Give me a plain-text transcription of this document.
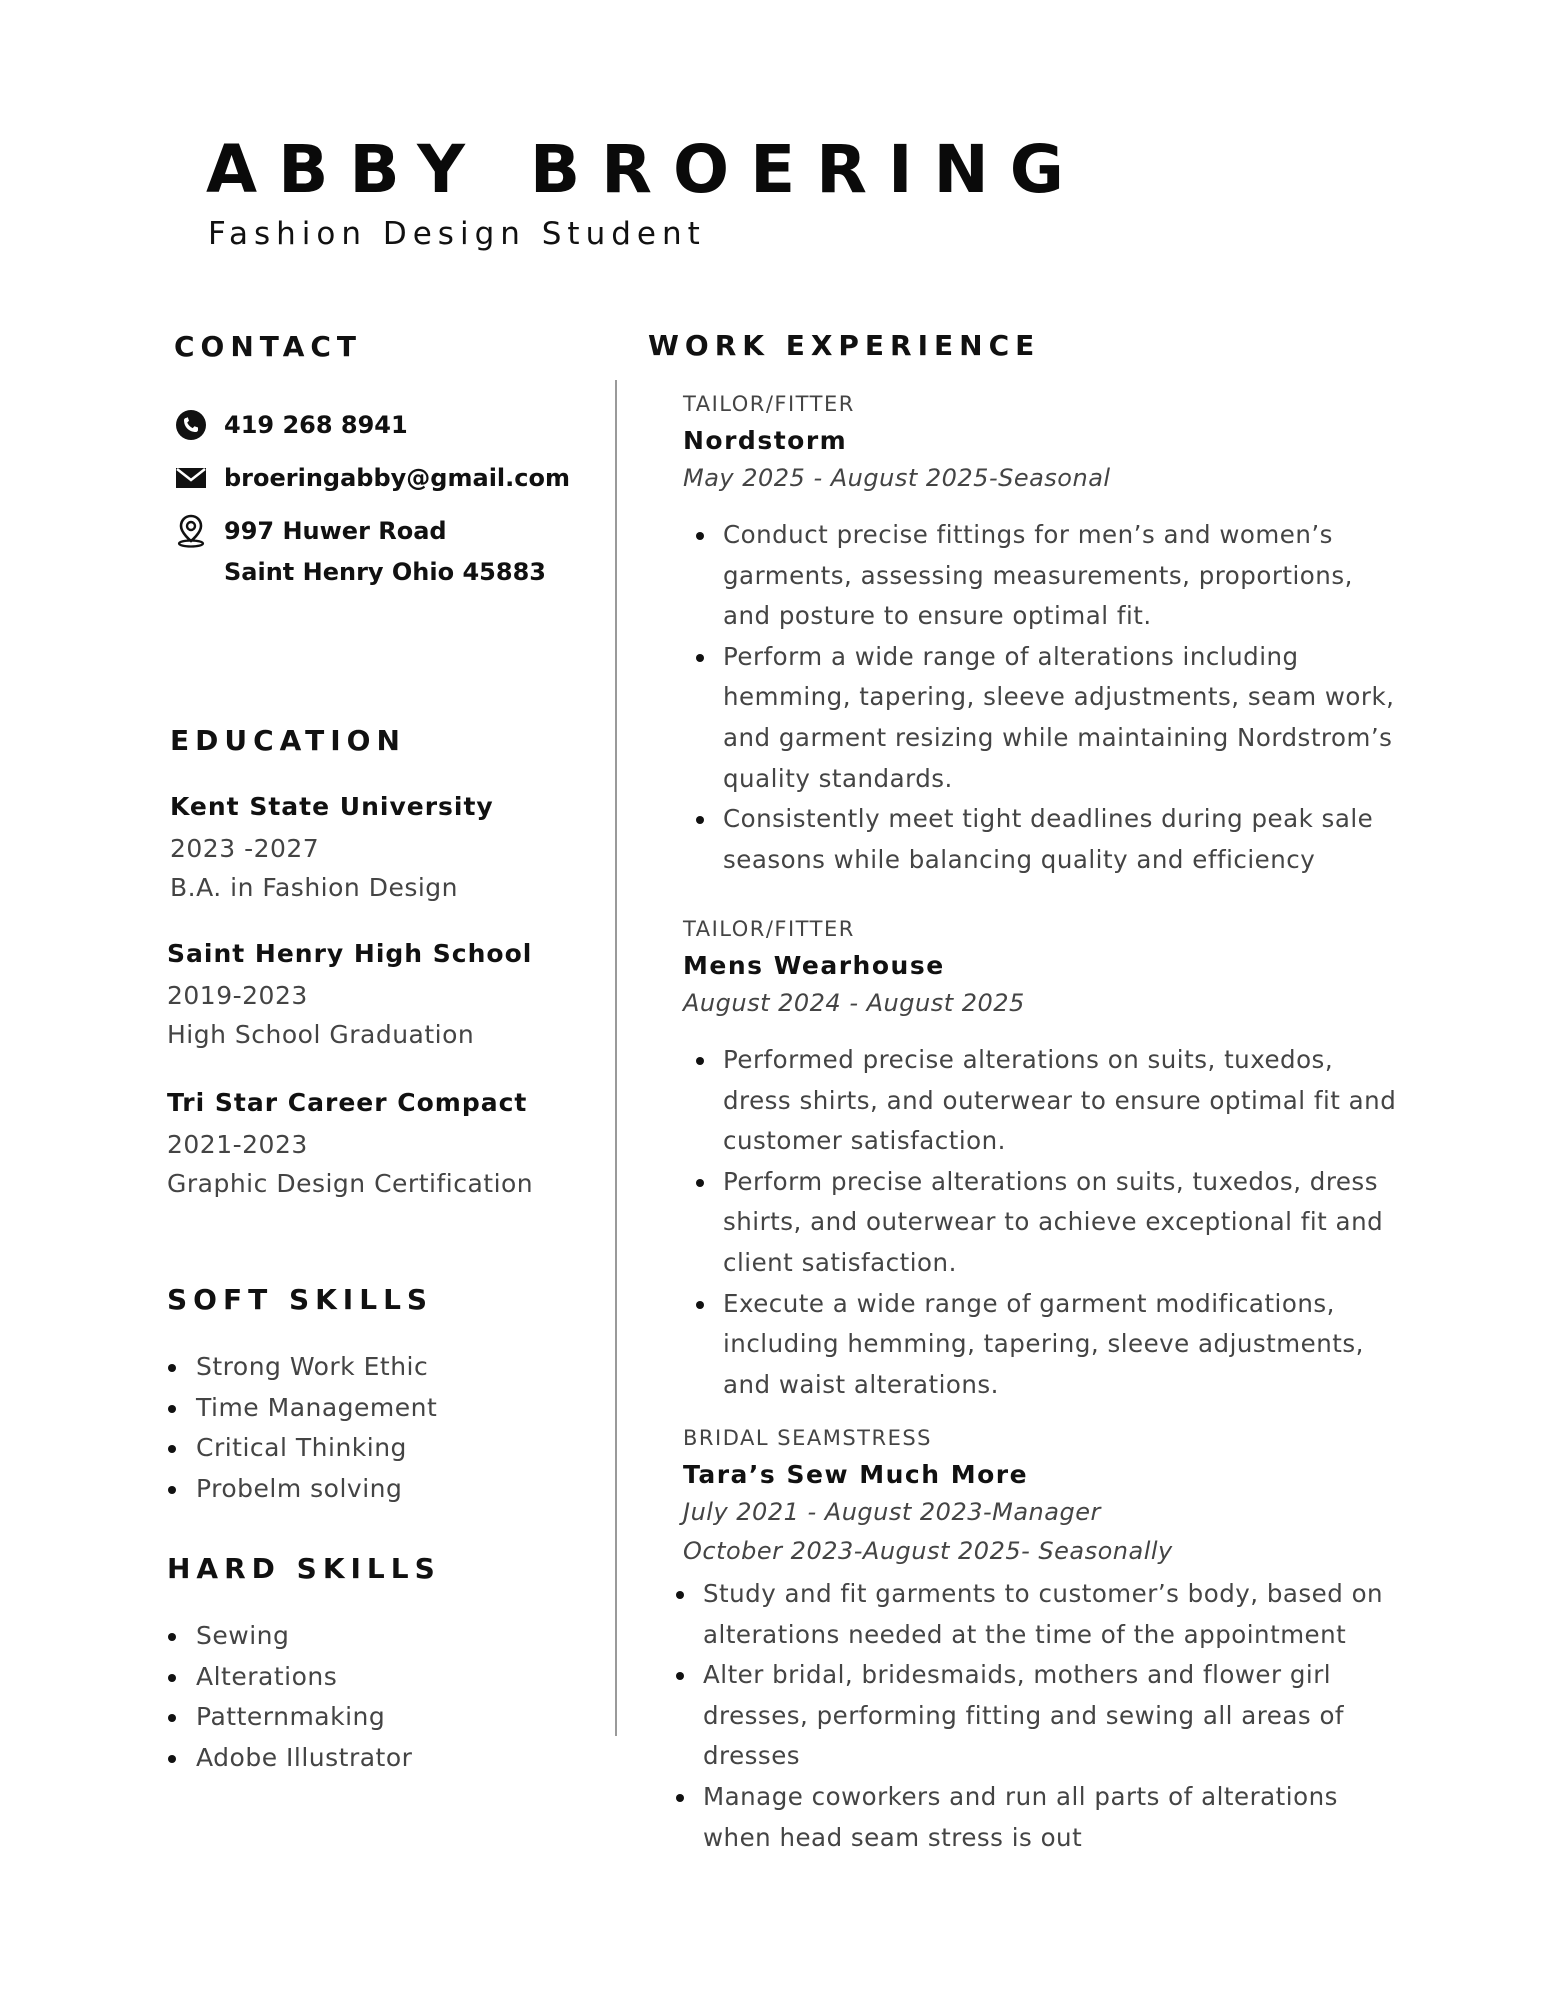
ABBY BROERING
Fashion Design Student
CONTACT
419 268 8941
broeringabby@gmail.com
997 Huwer Road
Saint Henry Ohio 45883
EDUCATION
Kent State University
2023 -2027
B.A. in Fashion Design
Saint Henry High School
2019-2023
High School Graduation
Tri Star Career Compact
2021-2023
Graphic Design Certification
SOFT SKILLS
Strong Work Ethic
Time Management
Critical Thinking
Probelm solving
HARD SKILLS
Sewing
Alterations
Patternmaking
Adobe Illustrator
WORK EXPERIENCE
TAILOR/FITTER
Nordstorm
May 2025 - August 2025-Seasonal
Conduct precise fittings for men’s and women’s garments, assessing measurements, proportions, and posture to ensure optimal fit.
Perform a wide range of alterations including hemming, tapering, sleeve adjustments, seam work, and garment resizing while maintaining Nordstrom’s quality standards.
Consistently meet tight deadlines during peak sale seasons while balancing quality and efficiency
TAILOR/FITTER
Mens Wearhouse
August 2024 - August 2025
Performed precise alterations on suits, tuxedos, dress shirts, and outerwear to ensure optimal fit and customer satisfaction.
Perform precise alterations on suits, tuxedos, dress shirts, and outerwear to achieve exceptional fit and client satisfaction.
Execute a wide range of garment modifications, including hemming, tapering, sleeve adjustments, and waist alterations.
BRIDAL SEAMSTRESS
Tara’s Sew Much More
July 2021 - August 2023-Manager
October 2023-August 2025- Seasonally
Study and fit garments to customer’s body, based on alterations needed at the time of the appointment
Alter bridal, bridesmaids, mothers and flower girl dresses, performing fitting and sewing all areas of dresses
Manage coworkers and run all parts of alterations when head seam stress is out
